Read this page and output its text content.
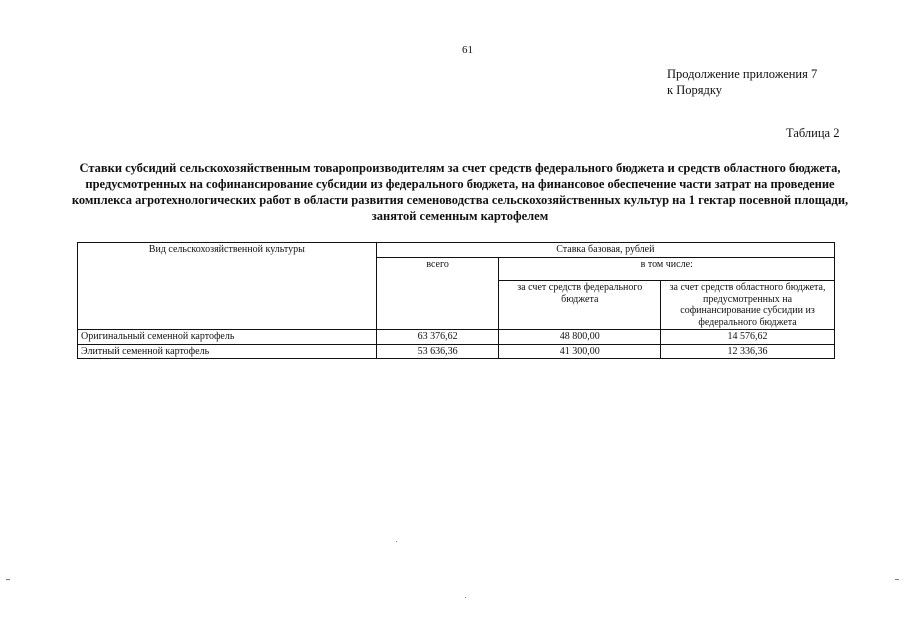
61
Продолжение приложения 7
к Порядку
Таблица 2
Ставки субсидий сельскохозяйственным товаропроизводителям за счет средств федерального бюджета и средств областного бюджета, предусмотренных на софинансирование субсидии из федерального бюджета, на финансовое обеспечение части затрат на проведение комплекса агротехнологических работ в области развития семеноводства сельскохозяйственных культур на 1 гектар посевной площади, занятой семенным картофелем
Вид сельскохозяйственной культуры	Ставка базовая, рублей		
	всего	в том числе:	
		за счет средств федерального бюджета	за счет средств областного бюджета, предусмотренных на софинансирование субсидии из федерального бюджета
Оригинальный семенной картофель	63 376,62	48 800,00	14 576,62
Элитный семенной картофель	53 636,36	41 300,00	12 336,36
